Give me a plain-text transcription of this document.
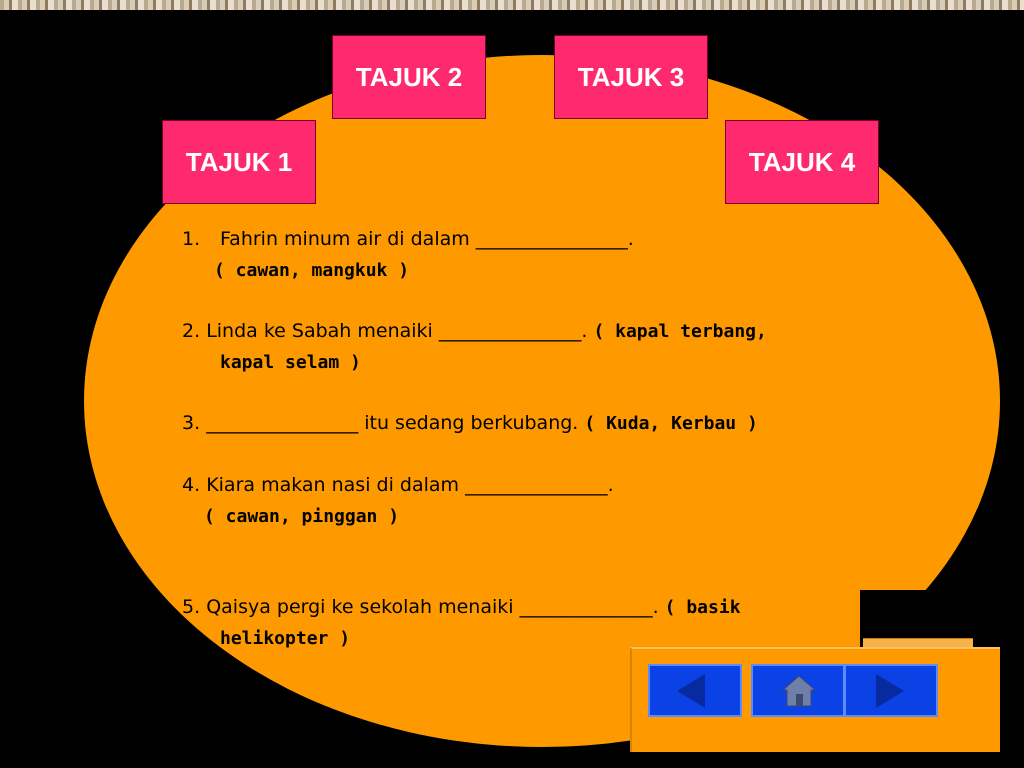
TAJUK 1
TAJUK 2	TAJUK 3
TAJUK 4
1. Fahrin minum air di dalam ________________.
( cawan, mangkuk )
2. Linda ke Sabah menaiki _______________. ( kapal terbang,
kapal selam )
3. ________________ itu sedang berkubang. ( Kuda, Kerbau )
4. Kiara makan nasi di dalam _______________.
( cawan, pinggan )
5. Qaisya pergi ke sekolah menaiki ______________. ( basik
helikopter )
